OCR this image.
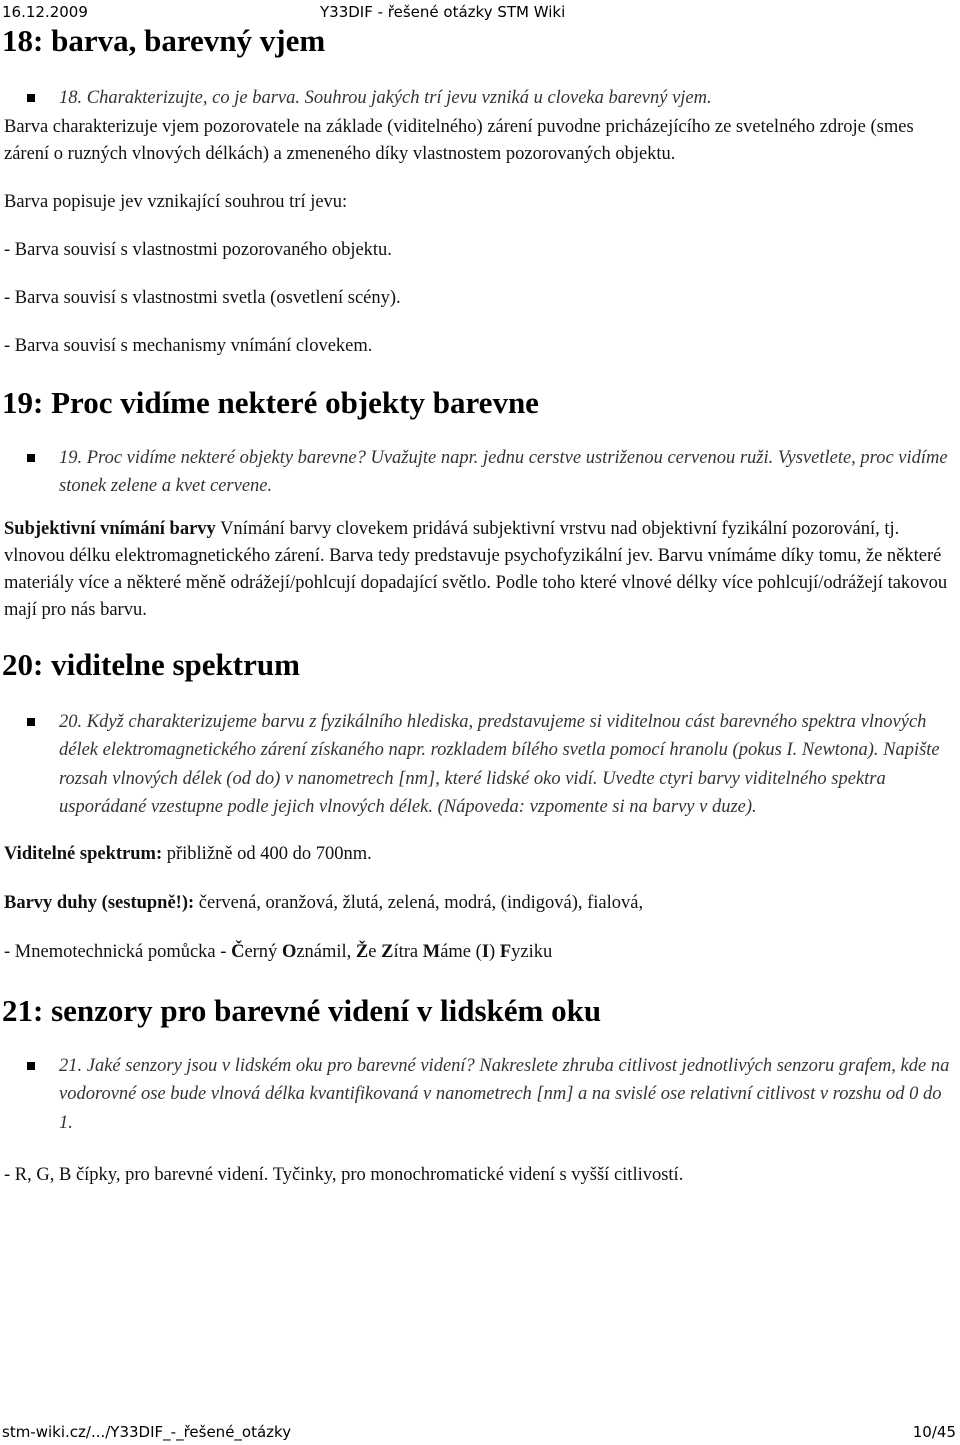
16.12.2009	Y33DIF - řešené otázky STM Wiki
18: barva, barevný vjem
18. Charakterizujte, co je barva. Souhrou jakých trí jevu vzniká u cloveka barevný vjem.

Barva charakterizuje vjem pozorovatele na základe (viditelného) zárení puvodne pricházejícího ze svetelného zdroje (smes zárení o ruzných vlnových délkách) a zmeneného díky vlastnostem pozorovaných objektu.

Barva popisuje jev vznikající souhrou trí jevu:

- Barva souvisí s vlastnostmi pozorovaného objektu.

- Barva souvisí s vlastnostmi svetla (osvetlení scény).

- Barva souvisí s mechanismy vnímání clovekem.

19: Proc vidíme nekteré objekty barevne
19. Proc vidíme nekteré objekty barevne? Uvažujte napr. jednu cerstve ustriženou cervenou ruži. Vysvetlete, proc vidíme stonek zelene a kvet cervene.

Subjektivní vnímání barvy Vnímání barvy clovekem pridává subjektivní vrstvu nad objektivní fyzikální pozorování, tj. vlnovou délku elektromagnetického zárení. Barva tedy predstavuje psychofyzikální jev. Barvu vnímáme díky tomu, že některé materiály více a některé měně odrážejí/pohlcují dopadající světlo. Podle toho které vlnové délky více pohlcují/odrážejí takovou mají pro nás barvu.

20: viditelne spektrum
20. Když charakterizujeme barvu z fyzikálního hlediska, predstavujeme si viditelnou cást barevného spektra vlnových délek elektromagnetického zárení získaného napr. rozkladem bílého svetla pomocí hranolu (pokus I. Newtona). Napište rozsah vlnových délek (od do) v nanometrech [nm], které lidské oko vidí. Uvedte ctyri barvy viditelného spektra usporádané vzestupne podle jejich vlnových délek. (Nápoveda: vzpomente si na barvy v duze).

Viditelné spektrum: přibližně od 400 do 700nm.

Barvy duhy (sestupně!): červená, oranžová, žlutá, zelená, modrá, (indigová), fialová,

- Mnemotechnická pomůcka - Černý Oznámil, Že Zítra Máme (I) Fyziku

21: senzory pro barevné videní v lidském oku
21. Jaké senzory jsou v lidském oku pro barevné videní? Nakreslete zhruba citlivost jednotlivých senzoru grafem, kde na vodorovné ose bude vlnová délka kvantifikovaná v nanometrech [nm] a na svislé ose relativní citlivost v rozshu od 0 do 1.

- R, G, B čípky, pro barevné videní. Tyčinky, pro monochromatické videní s vyšší citlivostí.

stm-wiki.cz/.../Y33DIF_-_řešené_otázky	10/45
